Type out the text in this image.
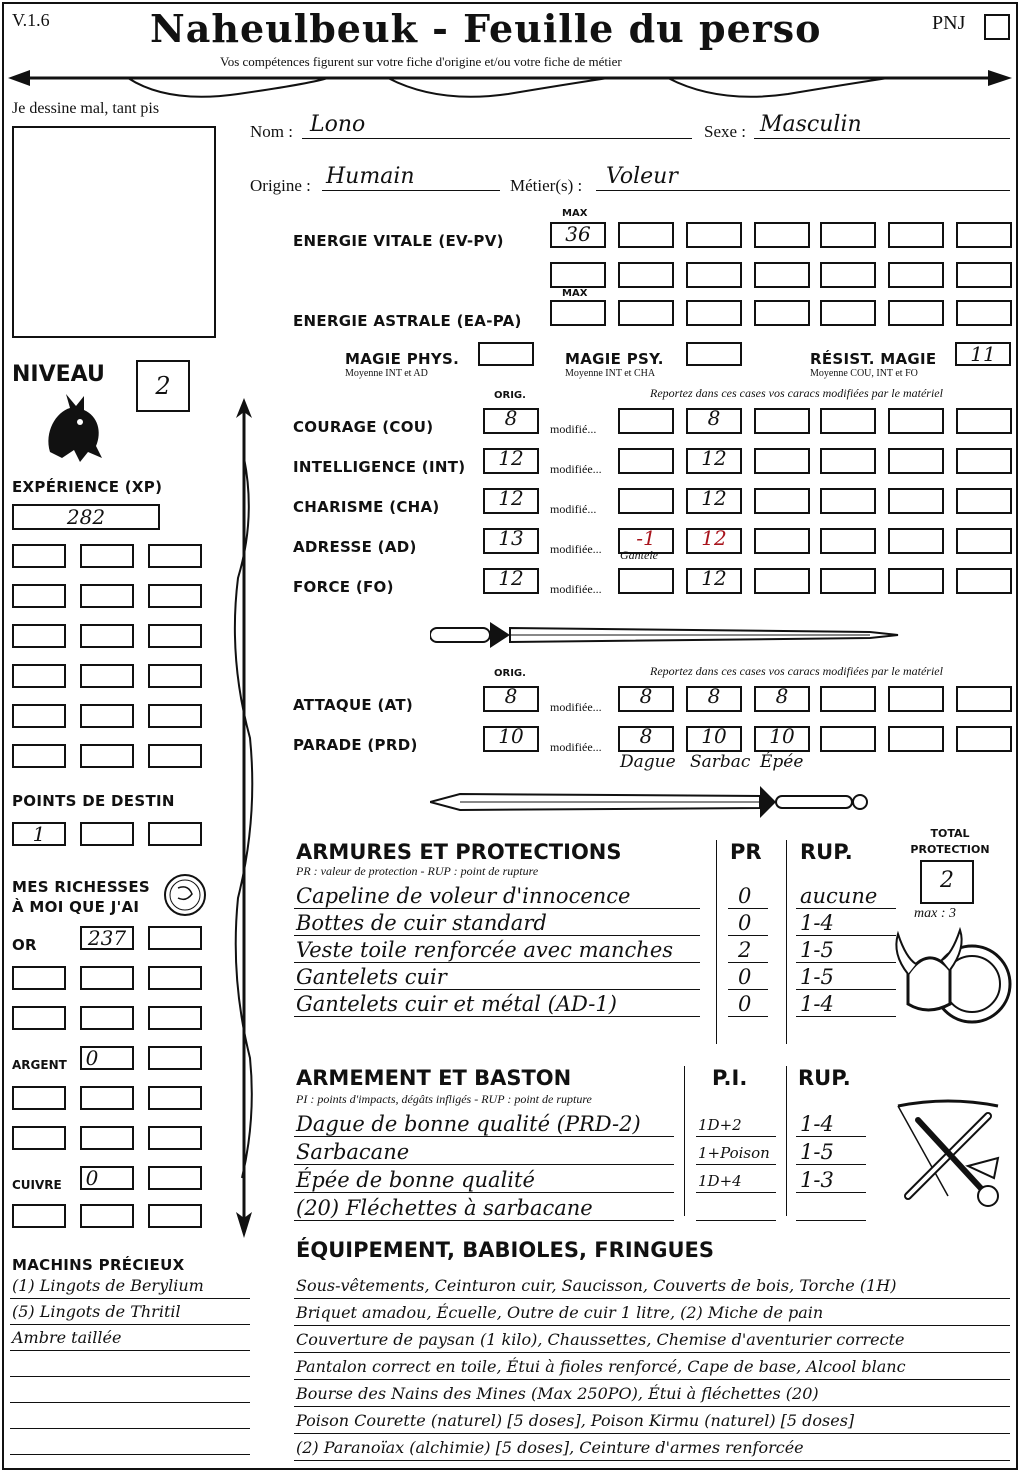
V.1.6	Naheulbeuk - Feuille du perso
Vos compétences figurent sur votre fiche d'origine et/ou votre fiche de métier
PNJ
Je dessine mal, tant pis
Nom : Lono	Sexe : Masculin
Origine : Humain	Métier(s) : Voleur
MAX
ENERGIE VITALE (EV-PV)	36
MAX
ENERGIE ASTRALE (EA-PA)
MAGIE PHYS.
Moyenne INT et AD
MAGIE PSY.
Moyenne INT et CHA
RÉSIST. MAGIE
Moyenne COU, INT et FO
11
NIVEAU	2
EXPÉRIENCE (XP)
282
POINTS DE DESTIN
1
MES RICHESSES
À MOI QUE J'AI
OR	237
ARGENT 0
CUIVRE 0
MACHINS PRÉCIEUX
ORIG.	Reportez dans ces cases vos caracs modifiées par le matériel
ORIG.	Reportez dans ces cases vos caracs modifiées par le matériel
ARMURES ET PROTECTIONS
PR : valeur de protection - RUP : point de rupture
PR RUP.
TOTAL PROTECTION
2
max : 3
ARMEMENT ET BASTON
PI : points d'impacts, dégâts infligés - RUP : point de rupture
P.I. RUP.
ÉQUIPEMENT, BABIOLES, FRINGUES
(1) Lingots de Berylium
(5) Lingots de Thritil
Ambre taillée
COURAGE (COU)	8	modifié...	8
INTELLIGENCE (INT)	12	modifiée...	12
CHARISME (CHA)	12	modifié...	12
ADRESSE (AD)	13	modifiée...	-1	12
Gantele
FORCE (FO)	12	modifiée...	12
ATTAQUE (AT)	8	modifiée...	8	8	8
PARADE (PRD)	10	modifiée...	8	10	10
Dague Sarbac Épée
Capeline de voleur d'innocence	0 aucune
Bottes de cuir standard	0 1-4
Veste toile renforcée avec manches	2 1-5
Gantelets cuir	0 1-5
Gantelets cuir et métal (AD-1)	0 1-4
Dague de bonne qualité (PRD-2)	1D+2	1-4
Sarbacane	1+Poison 1-5
Épée de bonne qualité	1D+4	1-3
(20) Fléchettes à sarbacane
Sous-vêtements, Ceinturon cuir, Saucisson, Couverts de bois, Torche (1H)
Briquet amadou, Écuelle, Outre de cuir 1 litre, (2) Miche de pain
Couverture de paysan (1 kilo), Chaussettes, Chemise d'aventurier correcte
Pantalon correct en toile, Étui à fioles renforcé, Cape de base, Alcool blanc
Bourse des Nains des Mines (Max 250PO), Étui à fléchettes (20)
Poison Courette (naturel) [5 doses], Poison Kirmu (naturel) [5 doses]
(2) Paranoïax (alchimie) [5 doses], Ceinture d'armes renforcée
